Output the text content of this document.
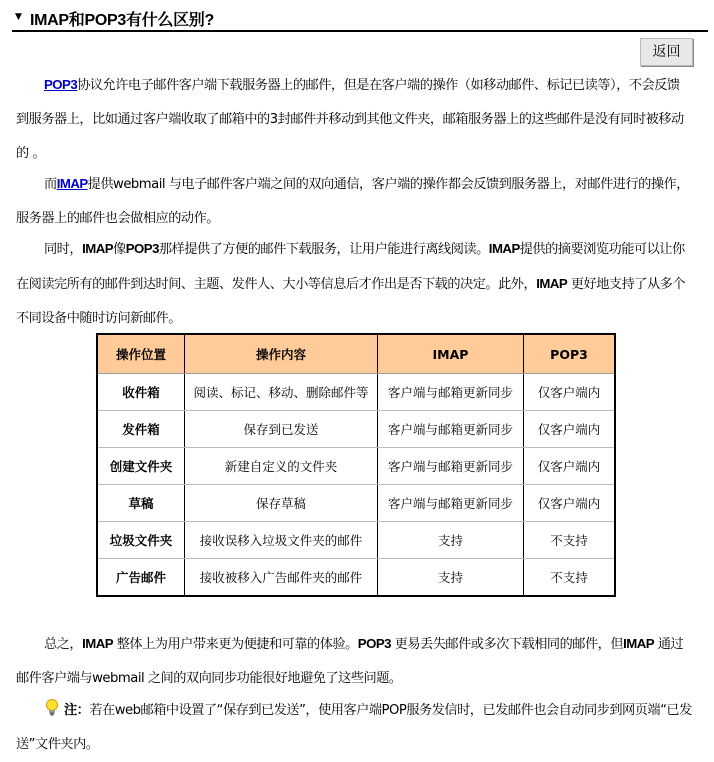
▼ IMAP和POP3有什么区别?
返回
POP3协议允许电子邮件客户端下载服务器上的邮件，但是在客户端的操作（如移动邮件、标记已读等），不会反馈到服务器上，比如通过客户端收取了邮箱中的3封邮件并移动到其他文件夹，邮箱服务器上的这些邮件是没有同时被移动的 。
而IMAP提供webmail 与电子邮件客户端之间的双向通信，客户端的操作都会反馈到服务器上，对邮件进行的操作，服务器上的邮件也会做相应的动作。
同时，IMAP像POP3那样提供了方便的邮件下载服务，让用户能进行离线阅读。IMAP提供的摘要浏览功能可以让你在阅读完所有的邮件到达时间、主题、发件人、大小等信息后才作出是否下载的决定。此外，IMAP 更好地支持了从多个不同设备中随时访问新邮件。
操作位置	操作内容	IMAP	POP3
收件箱	阅读、标记、移动、删除邮件等	客户端与邮箱更新同步	仅客户端内
发件箱	保存到已发送	客户端与邮箱更新同步	仅客户端内
创建文件夹	新建自定义的文件夹	客户端与邮箱更新同步	仅客户端内
草稿	保存草稿	客户端与邮箱更新同步	仅客户端内
垃圾文件夹	接收误移入垃圾文件夹的邮件	支持	不支持
广告邮件	接收被移入广告邮件夹的邮件	支持	不支持
总之，IMAP 整体上为用户带来更为便捷和可靠的体验。POP3 更易丢失邮件或多次下载相同的邮件，但IMAP 通过邮件客户端与webmail 之间的双向同步功能很好地避免了这些问题。
注：若在web邮箱中设置了“保存到已发送”，使用客户端POP服务发信时，已发邮件也会自动同步到网页端“已发送”文件夹内。
